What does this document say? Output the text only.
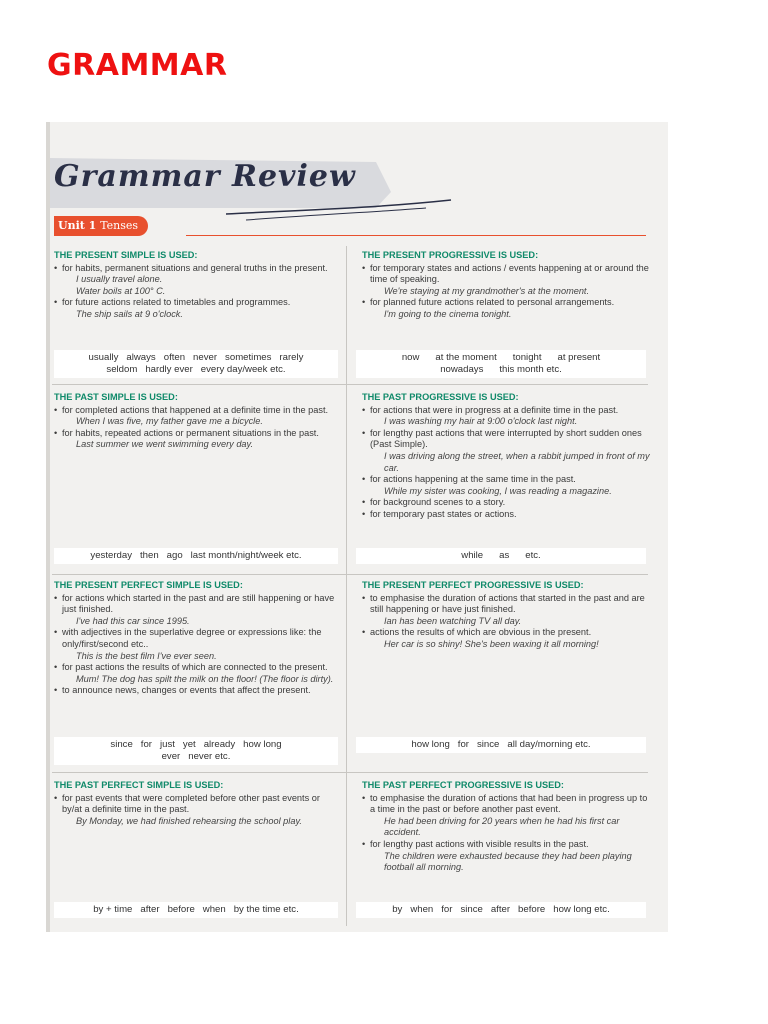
GRAMMAR
Grammar Review
Unit 1 Tenses
THE PRESENT SIMPLE IS USED:
• for habits, permanent situations and general truths in the present.
I usually travel alone.
Water boils at 100° C.
• for future actions related to timetables and programmes.
The ship sails at 9 o'clock.
usually   always   often   never   sometimes   rarely
seldom   hardly ever   every day/week etc.
THE PRESENT PROGRESSIVE IS USED:
• for temporary states and actions / events happening at or around the time of speaking.
We're staying at my grandmother's at the moment.
• for planned future actions related to personal arrangements.
I'm going to the cinema tonight.
now      at the moment      tonight      at present
nowadays      this month etc.
THE PAST SIMPLE IS USED:
• for completed actions that happened at a definite time in the past.
When I was five, my father gave me a bicycle.
• for habits, repeated actions or permanent situations in the past.
Last summer we went swimming every day.
yesterday   then   ago   last month/night/week etc.
THE PAST PROGRESSIVE IS USED:
• for actions that were in progress at a definite time in the past.
I was washing my hair at 9:00 o'clock last night.
• for lengthy past actions that were interrupted by short sudden ones (Past Simple).
I was driving along the street, when a rabbit jumped in front of my car.
• for actions happening at the same time in the past.
While my sister was cooking, I was reading a magazine.
• for background scenes to a story.
• for temporary past states or actions.
while      as      etc.
THE PRESENT PERFECT SIMPLE IS USED:
• for actions which started in the past and are still happening or have just finished.
I've had this car since 1995.
• with adjectives in the superlative degree or expressions like: the only/first/second etc..
This is the best film I've ever seen.
• for past actions the results of which are connected to the present.
Mum! The dog has spilt the milk on the floor! (The floor is dirty).
• to announce news, changes or events that affect the present.
since   for   just   yet   already   how long
ever   never etc.
THE PRESENT PERFECT PROGRESSIVE IS USED:
• to emphasise the duration of actions that started in the past and are still happening or have just finished.
Ian has been watching TV all day.
• actions the results of which are obvious in the present.
Her car is so shiny! She's been waxing it all morning!
how long   for   since   all day/morning etc.
THE PAST PERFECT SIMPLE IS USED:
• for past events that were completed before other past events or by/at a definite time in the past.
By Monday, we had finished rehearsing the school play.
by + time   after   before   when   by the time etc.
THE PAST PERFECT PROGRESSIVE IS USED:
• to emphasise the duration of actions that had been in progress up to a time in the past or before another past event.
He had been driving for 20 years when he had his first car accident.
• for lengthy past actions with visible results in the past.
The children were exhausted because they had been playing football all morning.
by   when   for   since   after   before   how long etc.
